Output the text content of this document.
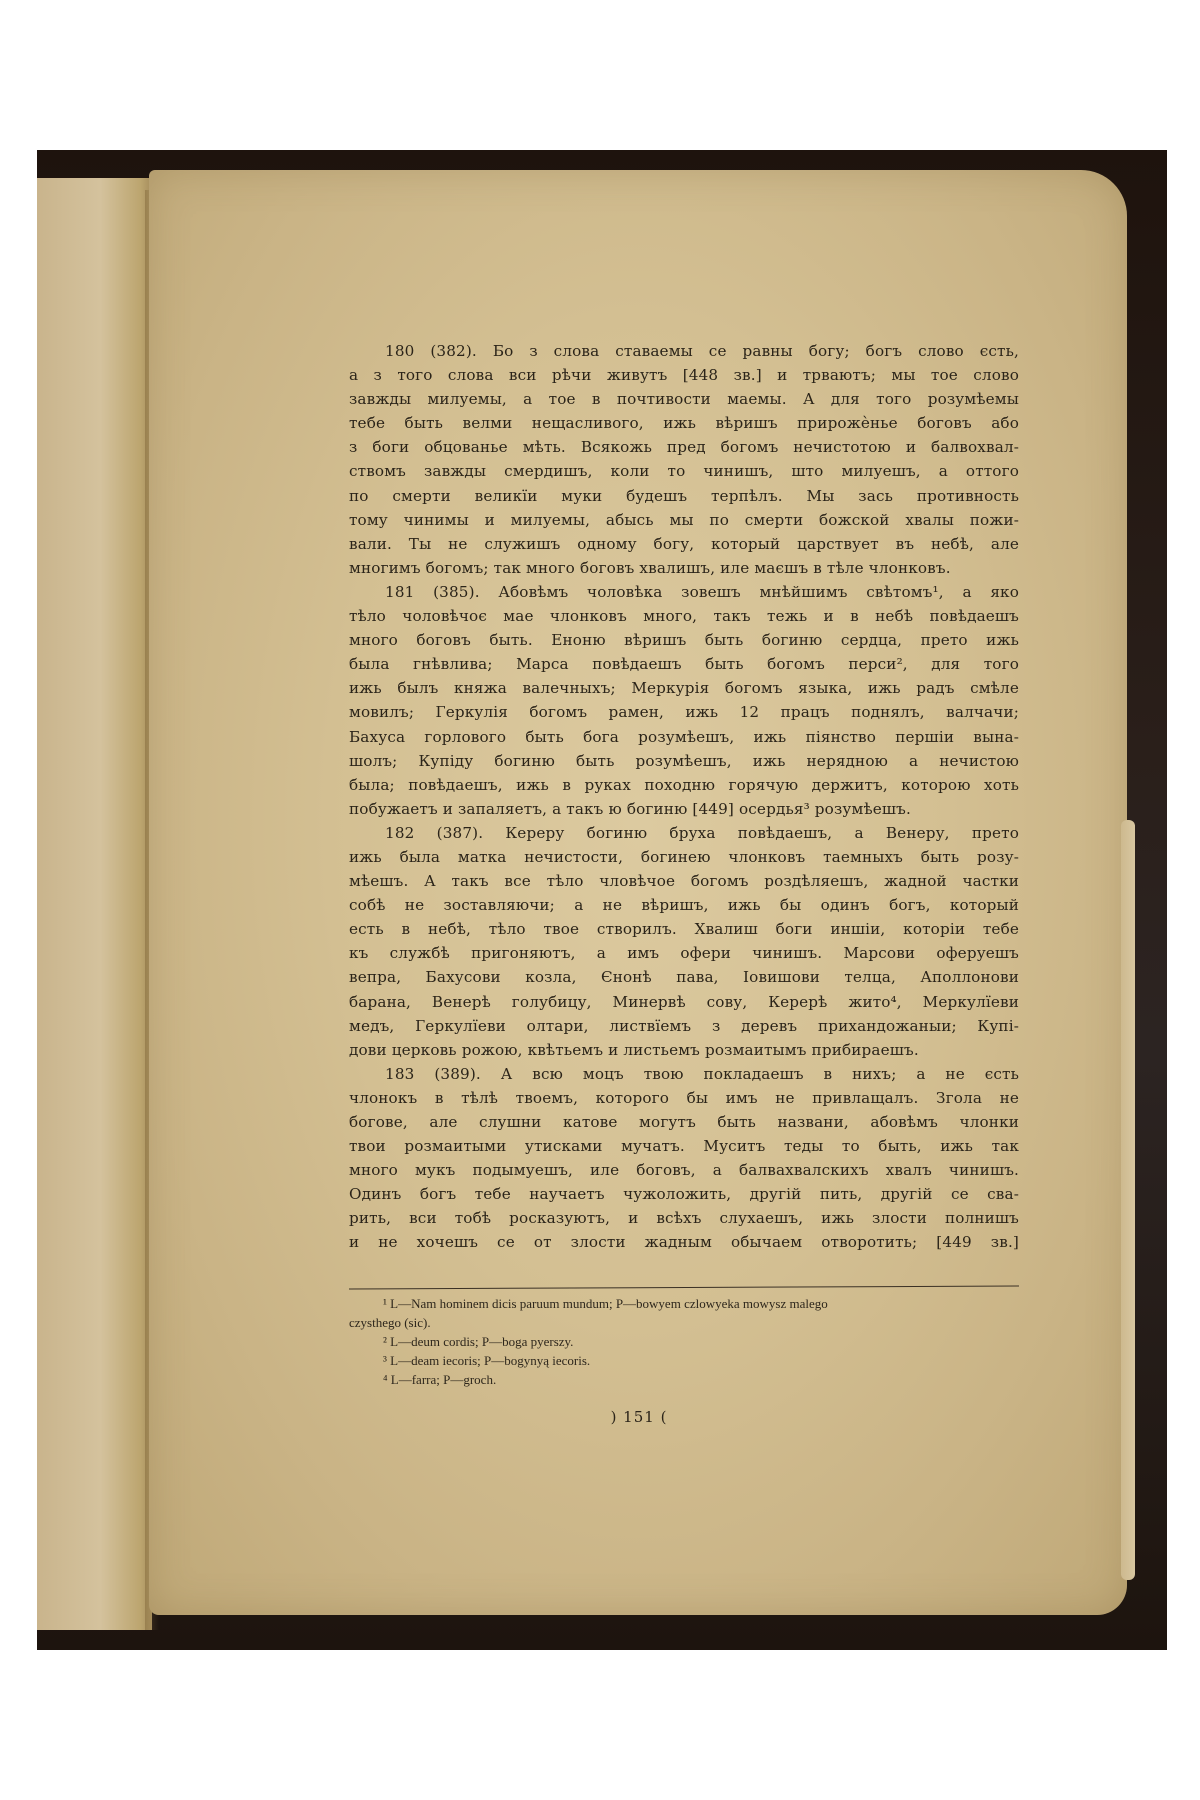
180 (382). Бо з слова ставаемы се равны богу; богъ слово єсть,
а з того слова вси рѣчи живутъ [448 зв.] и трваютъ; мы тое слово
завжды милуемы, а тое в почтивости маемы. А для того розумѣемы
тебе быть велми нещасливого, ижь вѣришъ прирожѐнье боговъ або
з боги обцованье мѣть. Всякожь пред богомъ нечистотою и балвохвал-
ствомъ завжды смердишъ, коли то чинишъ, што милуешъ, а оттого
по смерти великїи муки будешъ терпѣлъ. Мы зась противность
тому чинимы и милуемы, абысь мы по смерти божской хвалы пожи-
вали. Ты не служишъ одному богу, который царствует въ небѣ, але
многимъ богомъ; так много боговъ хвалишъ, иле маєшъ в тѣле члонковъ.
181 (385). Абовѣмъ чоловѣка зовешъ мнѣйшимъ свѣтомъ¹, а яко
тѣло чоловѣчоє мае члонковъ много, такъ тежь и в небѣ повѣдаешъ
много боговъ быть. Еноню вѣришъ быть богиню сердца, прето ижь
была гнѣвлива; Марса повѣдаешъ быть богомъ перси², для того
ижь былъ княжа валечныхъ; Меркурія богомъ языка, ижь радъ смѣле
мовилъ; Геркулія богомъ рамен, ижь 12 працъ поднялъ, валчачи;
Бахуса горлового быть бога розумѣешъ, ижь піянство першіи вына-
шолъ; Купіду богиню быть розумѣешъ, ижь нерядною а нечистою
была; повѣдаешъ, ижь в руках походню горячую держитъ, которою хоть
побужаетъ и запаляетъ, а такъ ю богиню [449] осердья³ розумѣешъ.
182 (387). Кереру богиню бруха повѣдаешъ, а Венеру, прето
ижь была матка нечистости, богинею члонковъ таемныхъ быть розу-
мѣешъ. А такъ все тѣло чловѣчое богомъ роздѣляешъ, жадной частки
собѣ не зоставляючи; а не вѣришъ, ижь бы одинъ богъ, который
есть в небѣ, тѣло твое створилъ. Хвалиш боги иншіи, которіи тебе
къ службѣ пригоняютъ, а имъ офери чинишъ. Марсови оферуешъ
вепра, Бахусови козла, Єнонѣ пава, Іовишови телца, Аполлонови
барана, Венерѣ голубицу, Минервѣ сову, Керерѣ жито⁴, Меркулїеви
медъ, Геркулїеви олтари, листвїемъ з деревъ прихандожаныи; Купі-
дови церковь рожою, квѣтьемъ и листьемъ розмаитымъ прибираешъ.
183 (389). А всю моцъ твою покладаешъ в нихъ; а не єсть
члонокъ в тѣлѣ твоемъ, которого бы имъ не привлащалъ. Згола не
богове, але слушни катове могутъ быть названи, абовѣмъ члонки
твои розмаитыми утисками мучатъ. Муситъ теды то быть, ижь так
много мукъ подымуешъ, иле боговъ, а балвахвалскихъ хвалъ чинишъ.
Одинъ богъ тебе научаетъ чужоложить, другій пить, другій се сва-
рить, вси тобѣ росказуютъ, и всѣхъ слухаешъ, ижь злости полнишъ
и не хочешъ се от злости жадным обычаем отворотить; [449 зв.]
¹ L—Nam hominem dicis paruum mundum; P—bowyem czlowyeka mowysz malego
czysthego (sic).
² L—deum cordis; P—boga pyerszy.
³ L—deam iecoris; P—bogynyą iecoris.
⁴ L—farra; P—groch.
) 151 (
